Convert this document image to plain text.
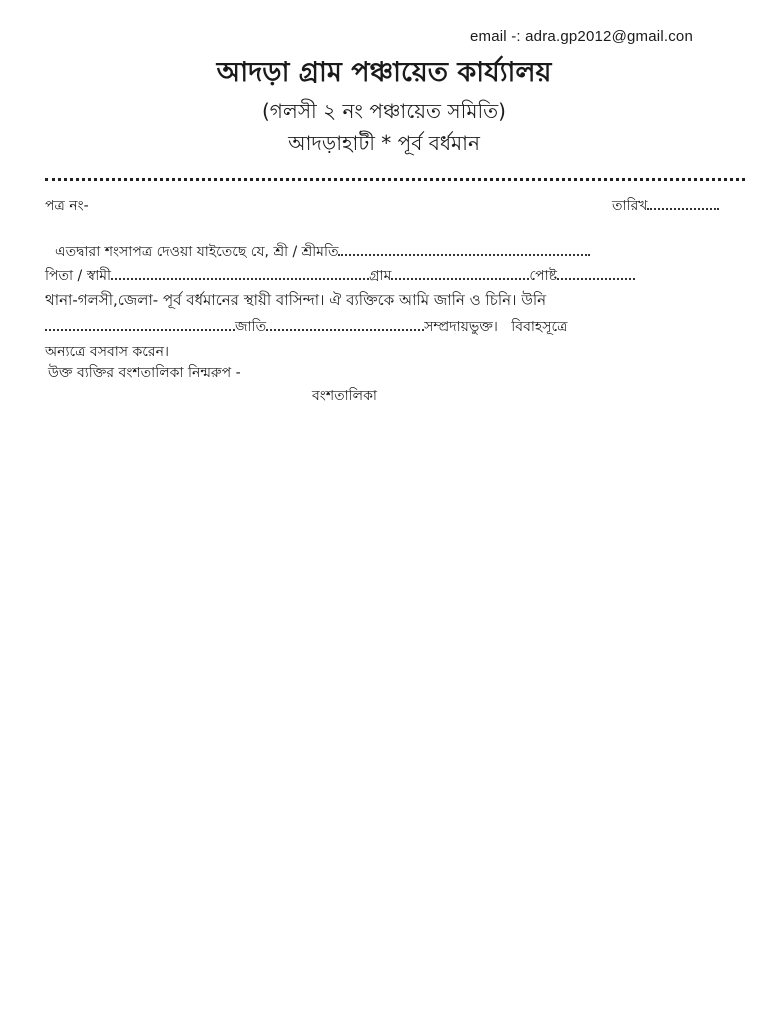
email -: adra.gp2012@gmail.con
আদড়া গ্রাম পঞ্চায়েত কার্য্যালয়
(গলসী ২ নং পঞ্চায়েত সমিতি)
আদড়াহাটী * পূর্ব বর্ধমান
পত্র নং-	তারিখ
এতদ্বারা শংসাপত্র দেওয়া যাইতেছে যে, শ্রী / শ্রীমতি
পিতা / স্বামী	গ্রাম	পোষ্ট
থানা-গলসী,জেলা- পূর্ব বর্ধমানের স্থায়ী বাসিন্দা। ঐ ব্যক্তিকে আমি জানি ও চিনি। উনি
জাতি	সম্প্রদায়ভুক্ত। বিবাহসূত্রে
অন্যত্রে বসবাস করেন।
উক্ত ব্যক্তির বংশতালিকা নিন্মরুপ -
বংশতালিকা
